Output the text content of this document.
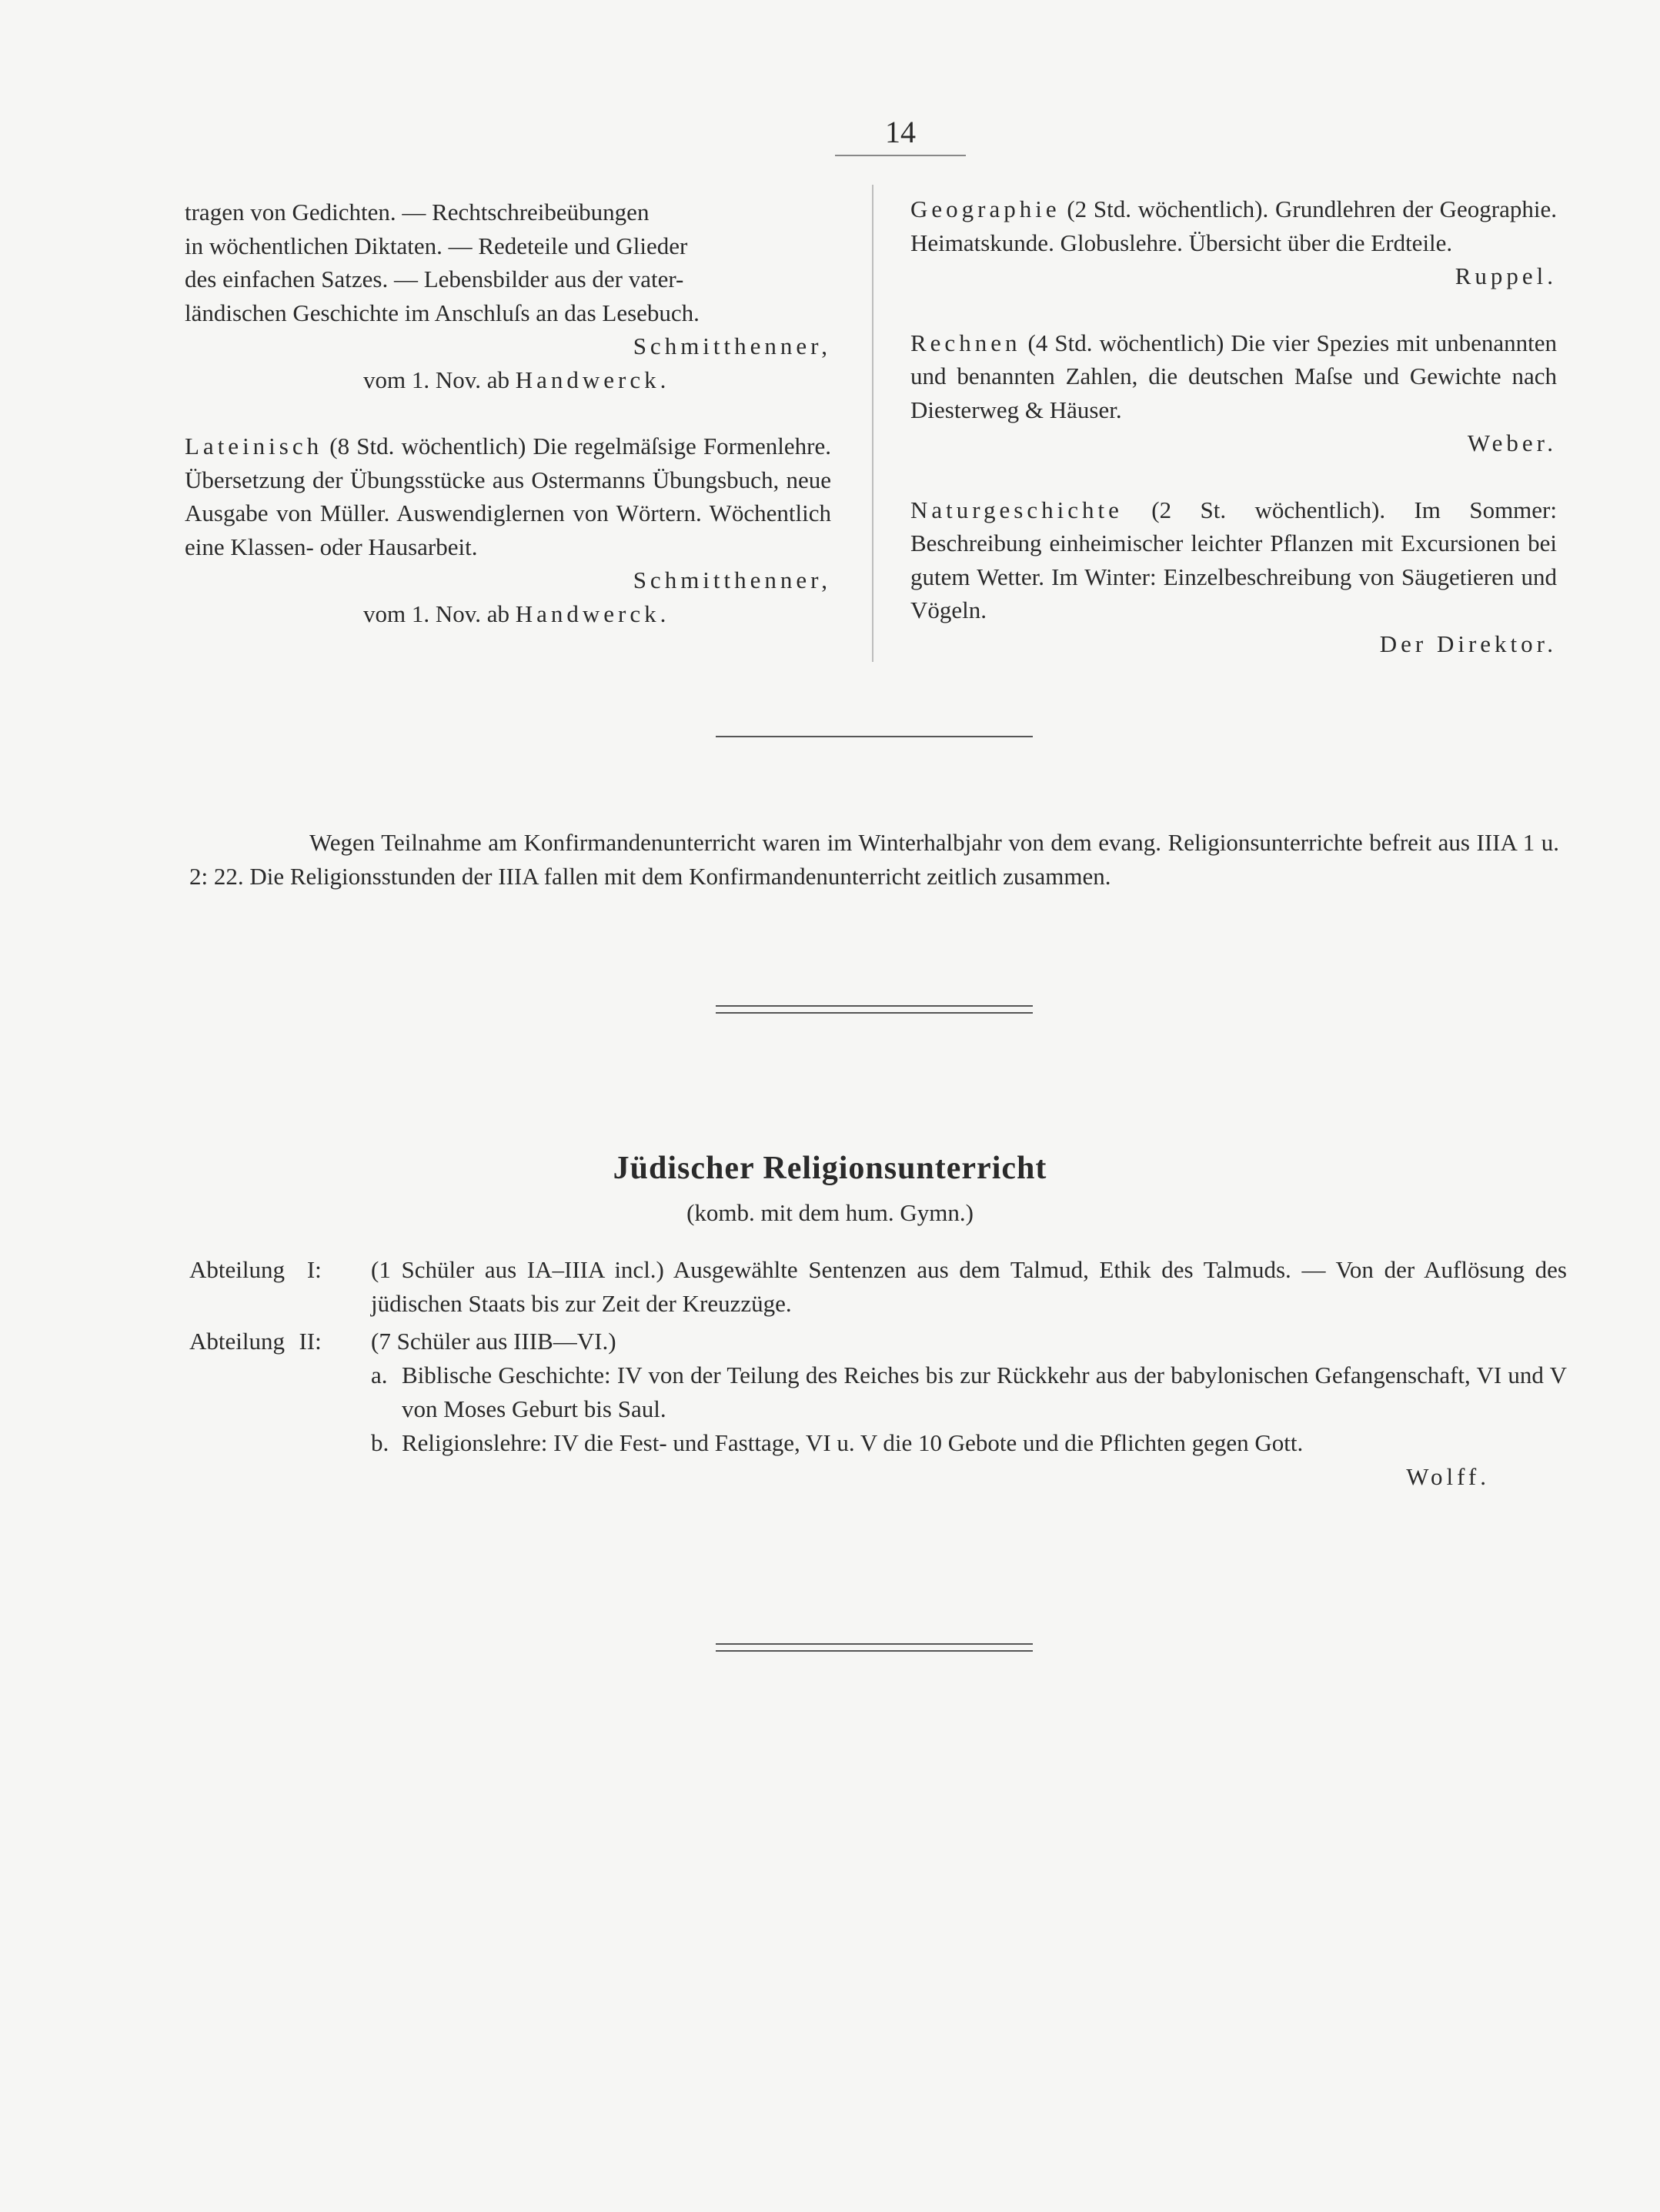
14

tragen von Gedichten. — Rechtschreibeübungen
in wöchentlichen Diktaten. — Redeteile und Glieder
des einfachen Satzes. — Lebensbilder aus der vater-
ländischen Geschichte im Anschluſs an das Lesebuch.
Schmitthenner,
vom 1. Nov. ab Handwerck.

Lateinisch (8 Std. wöchentlich) Die regelmäſsige Formenlehre. Übersetzung der Übungsstücke aus Ostermanns Übungsbuch, neue Ausgabe von Müller. Auswendiglernen von Wörtern. Wöchentlich eine Klassen- oder Hausarbeit.
Schmitthenner,
vom 1. Nov. ab Handwerck.

Geographie (2 Std. wöchentlich). Grundlehren der Geographie. Heimatskunde. Globuslehre. Übersicht über die Erdteile.
Ruppel.

Rechnen (4 Std. wöchentlich) Die vier Spezies mit unbenannten und benannten Zahlen, die deutschen Maſse und Gewichte nach Diesterweg & Häuser.
Weber.

Naturgeschichte (2 St. wöchentlich). Im Sommer: Beschreibung einheimischer leichter Pflanzen mit Excursionen bei gutem Wetter. Im Winter: Einzelbeschreibung von Säugetieren und Vögeln.
Der Direktor.

Wegen Teilnahme am Konfirmandenunterricht waren im Winterhalbjahr von dem evang. Religionsunterrichte befreit aus IIIA 1 u. 2: 22. Die Religionsstunden der IIIA fallen mit dem Konfirmandenunterricht zeitlich zusammen.

Jüdischer Religionsunterricht
(komb. mit dem hum. Gymn.)
Abteilung I:	(1 Schüler aus IA–IIIA incl.) Ausgewählte Sentenzen aus dem Talmud, Ethik des Talmuds. — Von der Auflösung des jüdischen Staats bis zur Zeit der Kreuzzüge.
Abteilung II:	(7 Schüler aus IIIB—VI.)
a. Biblische Geschichte: IV von der Teilung des Reiches bis zur Rückkehr aus der babylonischen Gefangenschaft, VI und V von Moses Geburt bis Saul.
b. Religionslehre: IV die Fest- und Fasttage, VI u. V die 10 Gebote und die Pflichten gegen Gott.
Wolff.
